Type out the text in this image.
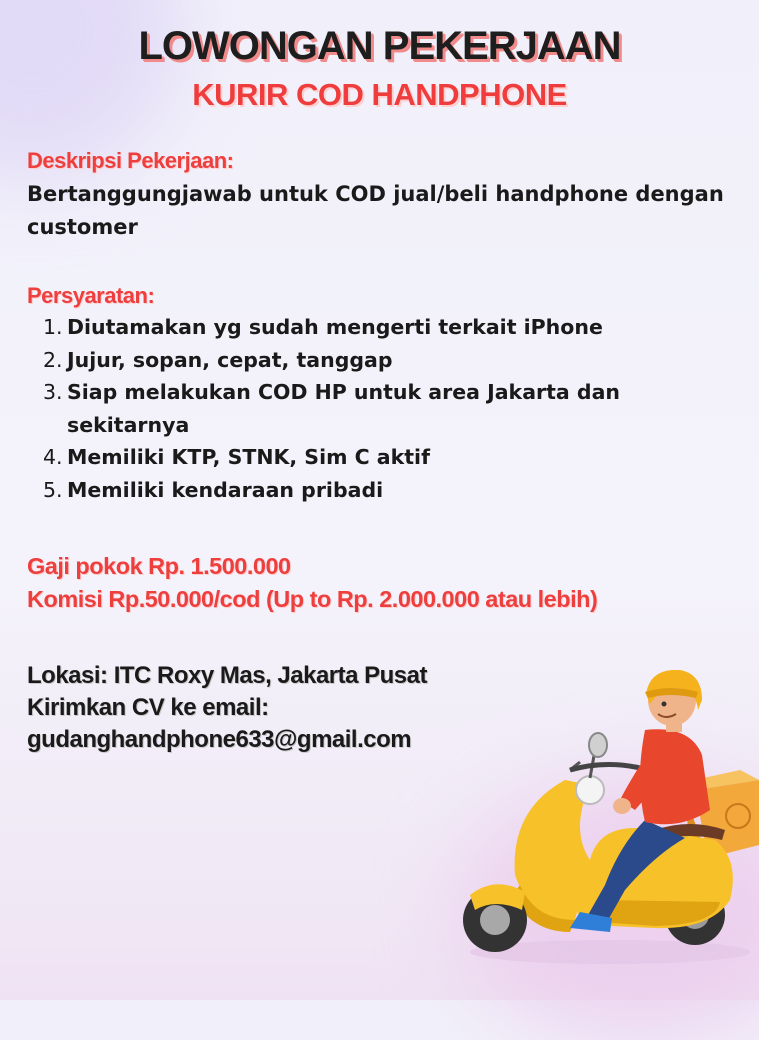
LOWONGAN PEKERJAAN
KURIR COD HANDPHONE
Deskripsi Pekerjaan:
Bertanggungjawab untuk COD jual/beli handphone dengan customer
Persyaratan:
1. Diutamakan yg sudah mengerti terkait iPhone
2. Jujur, sopan, cepat, tanggap
3. Siap melakukan COD HP untuk area Jakarta dan sekitarnya
4. Memiliki KTP, STNK, Sim C aktif
5. Memiliki kendaraan pribadi
Gaji pokok Rp. 1.500.000
Komisi Rp.50.000/cod (Up to Rp. 2.000.000 atau lebih)
Lokasi: ITC Roxy Mas, Jakarta Pusat
Kirimkan CV ke email:
gudanghandphone633@gmail.com
